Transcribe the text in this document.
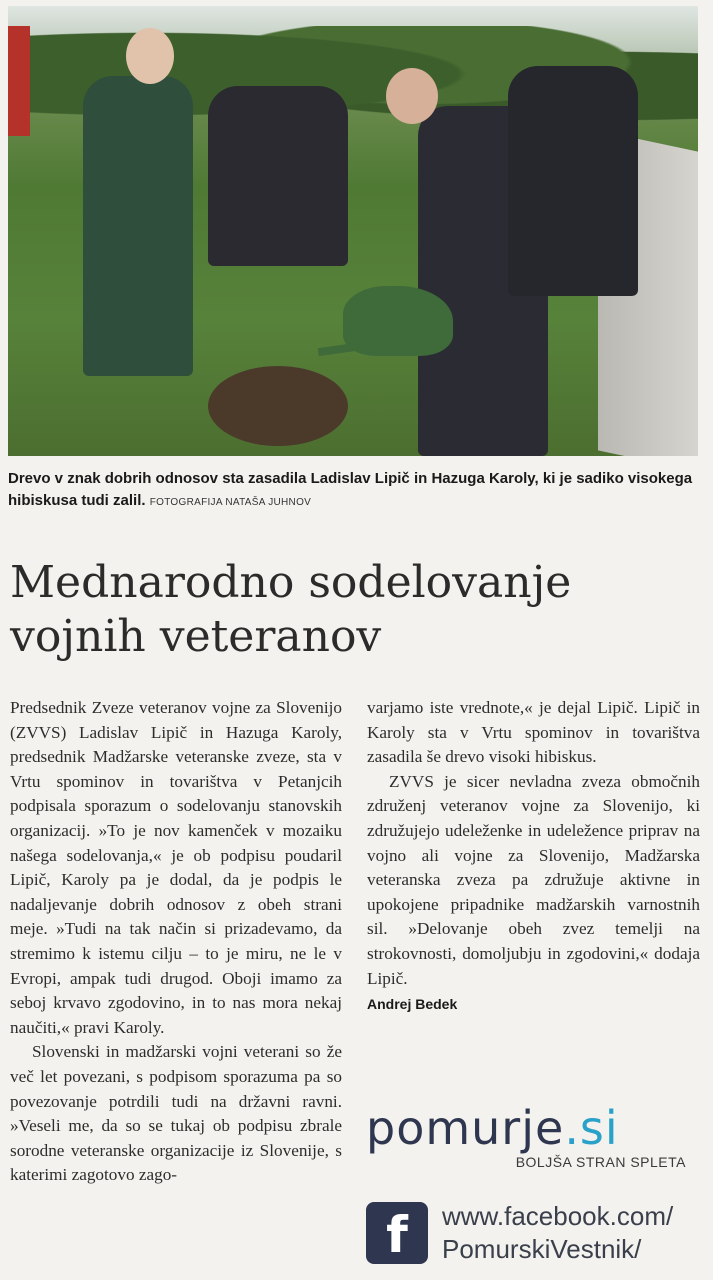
Drevo v znak dobrih odnosov sta zasadila Ladislav Lipič in Hazuga Karoly, ki je sadiko visokega hibiskusa tudi zalil. FOTOGRAFIJA NATAŠA JUHNOV
Mednarodno sodelovanje
vojnih veteranov

Predsednik Zveze veteranov vojne za Slovenijo (ZVVS) Ladislav Lipič in Hazuga Karoly, predsednik Madžarske veteranske zveze, sta v Vrtu spominov in tovarištva v Petanjcih podpisala sporazum o sodelovanju stanovskih organizacij. »To je nov kamenček v mozaiku našega sodelovanja,« je ob podpisu poudaril Lipič, Karoly pa je dodal, da je podpis le nadaljevanje dobrih odnosov z obeh strani meje. »Tudi na tak način si prizadevamo, da stremimo k istemu cilju – to je miru, ne le v Evropi, ampak tudi drugod. Oboji imamo za seboj krvavo zgodovino, in to nas mora nekaj naučiti,« pravi Karoly.

Slovenski in madžarski vojni veterani so že več let povezani, s podpisom sporazuma pa so povezovanje potrdili tudi na državni ravni. »Veseli me, da so se tukaj ob podpisu zbrale sorodne veteranske organizacije iz Slovenije, s katerimi zagotovo zago-

varjamo iste vrednote,« je dejal Lipič. Lipič in Karoly sta v Vrtu spominov in tovarištva zasadila še drevo visoki hibiskus.

ZVVS je sicer nevladna zveza območnih združenj veteranov vojne za Slovenijo, ki združujejo udeleženke in udeležence priprav na vojno ali vojne za Slovenijo, Madžarska veteranska zveza pa združuje aktivne in upokojene pripadnike madžarskih varnostnih sil. »Delovanje obeh zvez temelji na strokovnosti, domoljubju in zgodovini,« dodaja Lipič.

Andrej Bedek
pomurje.si
BOLJŠA STRAN SPLETA
f	www.facebook.com/
PomurskiVestnik/
